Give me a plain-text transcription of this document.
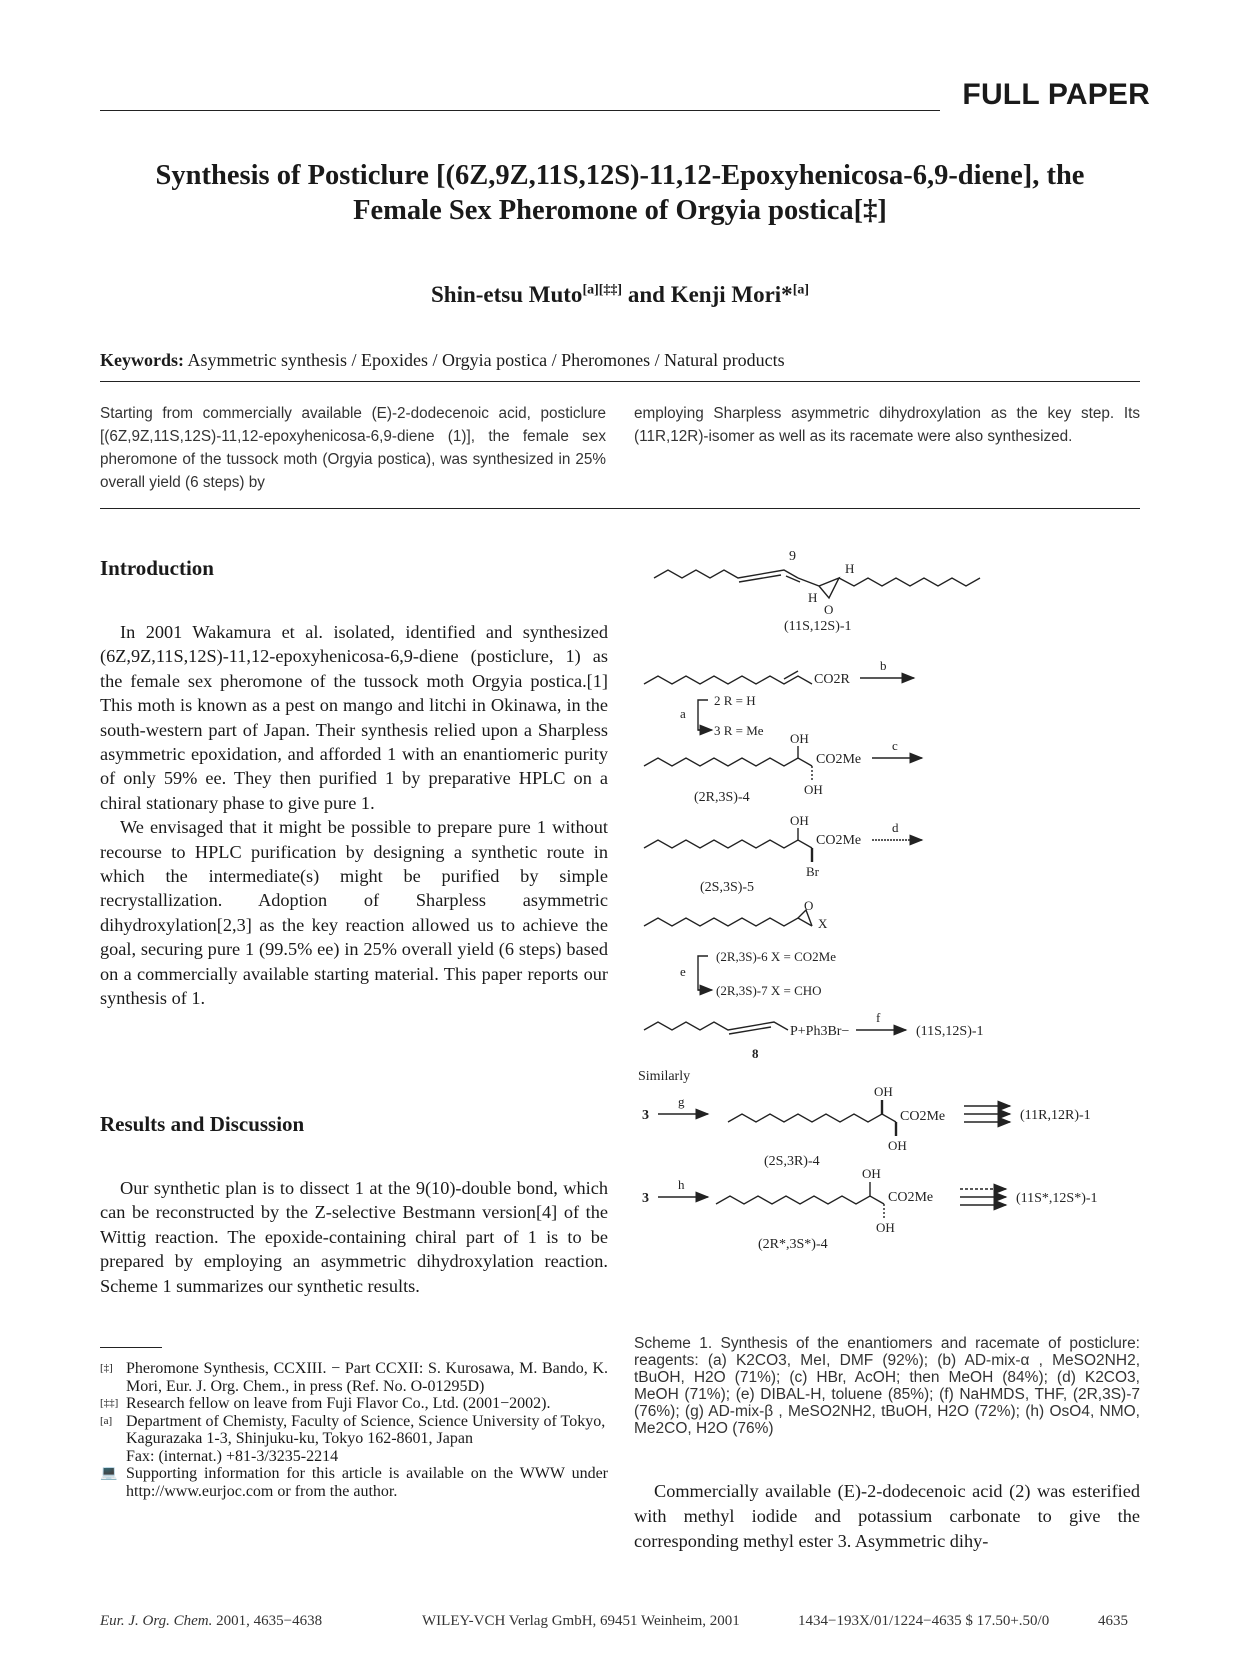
FULL PAPER
Synthesis of Posticlure [(6Z,9Z,11S,12S)-11,12-Epoxyhenicosa-6,9-diene], the
Female Sex Pheromone of Orgyia postica[‡]
Shin-etsu Muto[a][‡‡] and Kenji Mori*[a]
Keywords: Asymmetric synthesis / Epoxides / Orgyia postica / Pheromones / Natural products
Starting from commercially available (E)-2-dodecenoic acid, posticlure [(6Z,9Z,11S,12S)-11,12-epoxyhenicosa-6,9-diene (1)], the female sex pheromone of the tussock moth (Orgyia postica), was synthesized in 25% overall yield (6 steps) by
employing Sharpless asymmetric dihydroxylation as the key step. Its (11R,12R)-isomer as well as its racemate were also synthesized.
Introduction

In 2001 Wakamura et al. isolated, identified and synthesized (6Z,9Z,11S,12S)-11,12-epoxyhenicosa-6,9-diene (posticlure, 1) as the female sex pheromone of the tussock moth Orgyia postica.[1] This moth is known as a pest on mango and litchi in Okinawa, in the south-western part of Japan. Their synthesis relied upon a Sharpless asymmetric epoxidation, and afforded 1 with an enantiomeric purity of only 59% ee. They then purified 1 by preparative HPLC on a chiral stationary phase to give pure 1.

We envisaged that it might be possible to prepare pure 1 without recourse to HPLC purification by designing a synthetic route in which the intermediate(s) might be purified by simple recrystallization. Adoption of Sharpless asymmetric dihydroxylation[2,3] as the key reaction allowed us to achieve the goal, securing pure 1 (99.5% ee) in 25% overall yield (6 steps) based on a commercially available starting material. This paper reports our synthesis of 1.

Results and Discussion

Our synthetic plan is to dissect 1 at the 9(10)-double bond, which can be reconstructed by the Z-selective Bestmann version[4] of the Wittig reaction. The epoxide-containing chiral part of 1 is to be prepared by employing an asymmetric dihydroxylation reaction. Scheme 1 summarizes our synthetic results.

[‡] Pheromone Synthesis, CCXIII. − Part CCXII: S. Kurosawa, M. Bando, K. Mori, Eur. J. Org. Chem., in press (Ref. No. O-01295D)
[‡‡] Research fellow on leave from Fuji Flavor Co., Ltd. (2001−2002).
[a] Department of Chemisty, Faculty of Science, Science University of Tokyo,
Kagurazaka 1-3, Shinjuku-ku, Tokyo 162-8601, Japan
Fax: (internat.) +81-3/3235-2214
💻 Supporting information for this article is available on the WWW under http://www.eurjoc.com or from the author.
9
H
H
O
(11S,12S)-1
CO2R
b
a
2 R = H
3 R = Me
OH
OH
CO2Me
c
(2R,3S)-4
OH
CO2Me
Br
d
(2S,3S)-5
O
X
e
(2R,3S)-6 X = CO2Me
(2R,3S)-7 X = CHO
P+Ph3Br−
f
(11S,12S)-1
8
Similarly
3
g
OH
OH
CO2Me	(11R,12R)-1
(2S,3R)-4
3
h
OH
OH
CO2Me	(11S*,12S*)-1
(2R*,3S*)-4
Scheme 1. Synthesis of the enantiomers and racemate of posticlure: reagents: (a) K2CO3, MeI, DMF (92%); (b) AD-mix-α , MeSO2NH2, tBuOH, H2O (71%); (c) HBr, AcOH; then MeOH (84%); (d) K2CO3, MeOH (71%); (e) DIBAL-H, toluene (85%); (f) NaHMDS, THF, (2R,3S)-7 (76%); (g) AD-mix-β , MeSO2NH2, tBuOH, H2O (72%); (h) OsO4, NMO, Me2CO, H2O (76%)

Commercially available (E)-2-dodecenoic acid (2) was esterified with methyl iodide and potassium carbonate to give the corresponding methyl ester 3. Asymmetric dihy-

Eur. J. Org. Chem. 2001, 4635−4638	WILEY-VCH Verlag GmbH, 69451 Weinheim, 2001	1434−193X/01/1224−4635 $ 17.50+.50/0	4635
